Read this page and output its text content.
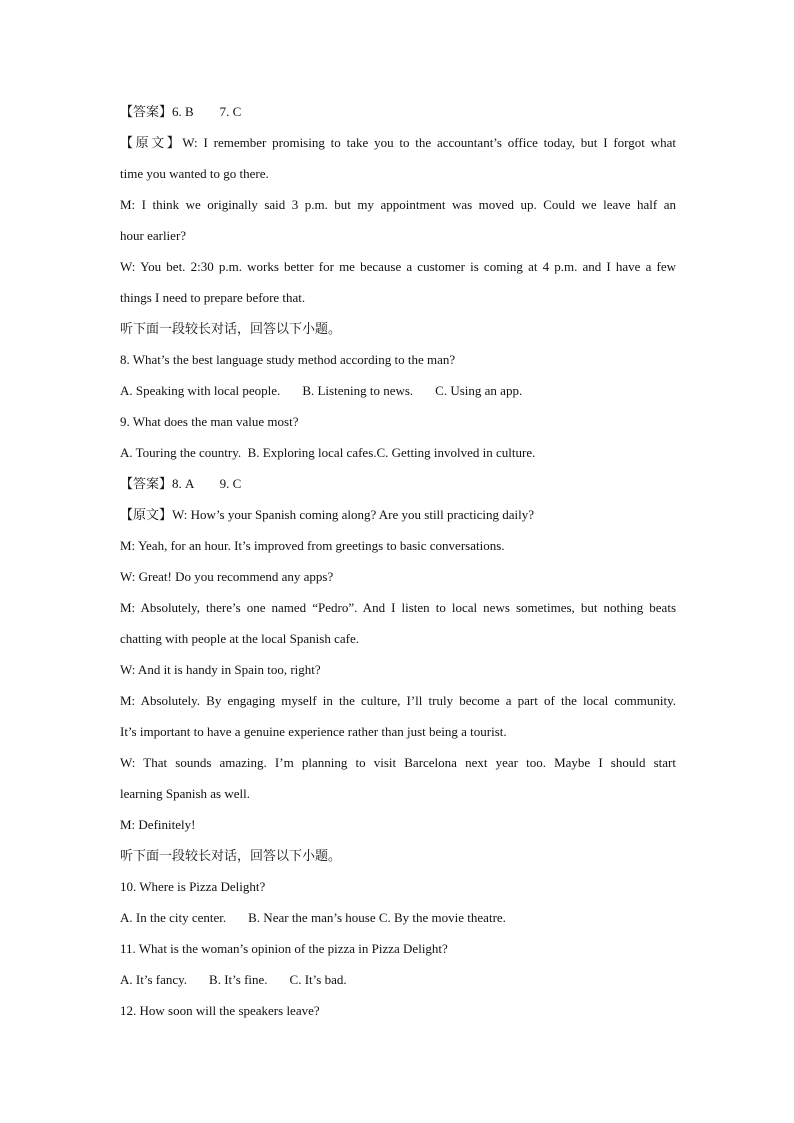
【答案】6. B        7. C
【原文】W: I remember promising to take you to the accountant’s office today, but I forgot what
time you wanted to go there.
M: I think we originally said 3 p.m. but my appointment was moved up. Could we leave half an
hour earlier?
W: You bet. 2:30 p.m. works better for me because a customer is coming at 4 p.m. and I have a few
things I need to prepare before that.
听下面一段较长对话，回答以下小题。
8. What’s the best language study method according to the man?
A. Speaking with local people. B. Listening to news. C. Using an app.
9. What does the man value most?
A. Touring the country.  B. Exploring local cafes.C. Getting involved in culture.
【答案】8. A        9. C
【原文】W: How’s your Spanish coming along? Are you still practicing daily?
M: Yeah, for an hour. It’s improved from greetings to basic conversations.
W: Great! Do you recommend any apps?
M: Absolutely, there’s one named “Pedro”. And I listen to local news sometimes, but nothing beats
chatting with people at the local Spanish cafe.
W: And it is handy in Spain too, right?
M: Absolutely. By engaging myself in the culture, I’ll truly become a part of the local community.
It’s important to have a genuine experience rather than just being a tourist.
W: That sounds amazing. I’m planning to visit Barcelona next year too. Maybe I should start
learning Spanish as well.
M: Definitely!
听下面一段较长对话，回答以下小题。
10. Where is Pizza Delight?
A. In the city center. B. Near the man’s house C. By the movie theatre.
11. What is the woman’s opinion of the pizza in Pizza Delight?
A. It’s fancy. B. It’s fine. C. It’s bad.
12. How soon will the speakers leave?
